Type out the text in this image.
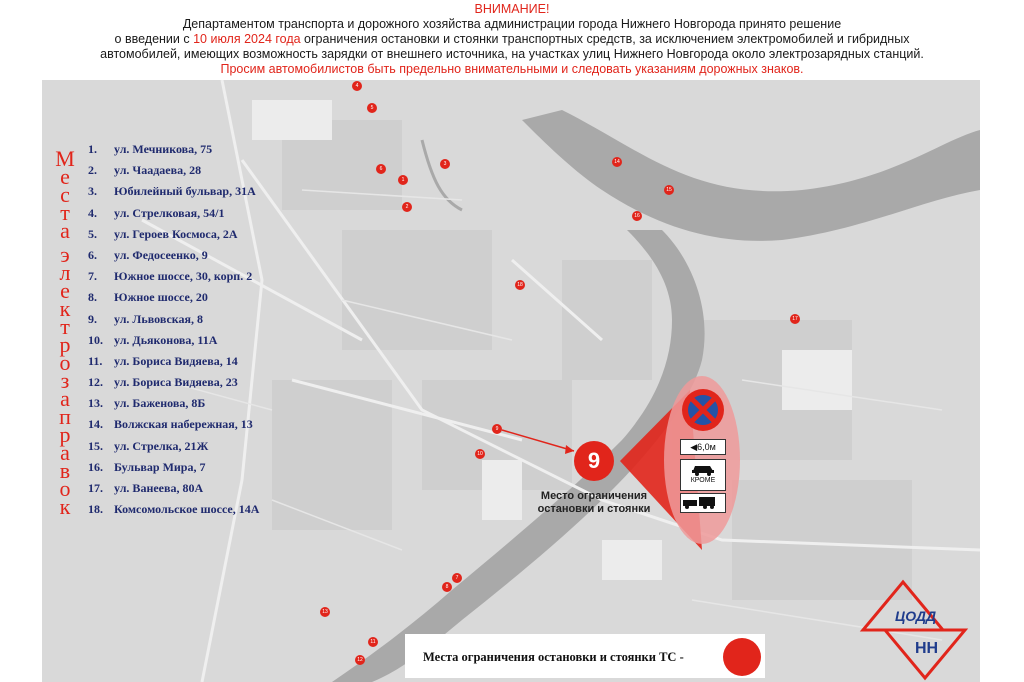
ВНИМАНИЕ!
Департаментом транспорта и дорожного хозяйства администрации города Нижнего Новгорода принято решение
о введении с 10 июля 2024 года ограничения остановки и стоянки транспортных средств, за исключением электромобилей и гибридных
автомобилей, имеющих возможность зарядки от внешнего источника, на участках улиц Нижнего Новгорода около электрозарядных станций.
Просим автомобилистов быть предельно внимательными и следовать указаниям дорожных знаков.
◀6,0м
КРОМЕ
9
Место ограничения остановки и стоянки
1
2
3
4
5
6
7
8
9
10
11
12
13
14
15
16
17
18
М
е
с
т
а

э
л
е
к
т
р
о
з
а
п
р
а
в
о
к
1. ул. Мечникова, 75
2. ул. Чаадаева, 28
3. Юбилейный бульвар, 31А
4. ул. Стрелковая, 54/1
5. ул. Героев Космоса, 2А
6. ул. Федосеенко, 9
7. Южное шоссе, 30, корп. 2
8. Южное шоссе, 20
9. ул. Львовская, 8
10. ул. Дьяконова, 11А
11. ул. Бориса Видяева, 14
12. ул. Бориса Видяева, 23
13. ул. Баженова, 8Б
14. Волжская набережная, 13
15. ул. Стрелка, 21Ж
16. Бульвар Мира, 7
17. ул. Ванеева, 80А
18. Комсомольское шоссе, 14А
Места ограничения остановки и стоянки ТС -
ЦОДД
НН
